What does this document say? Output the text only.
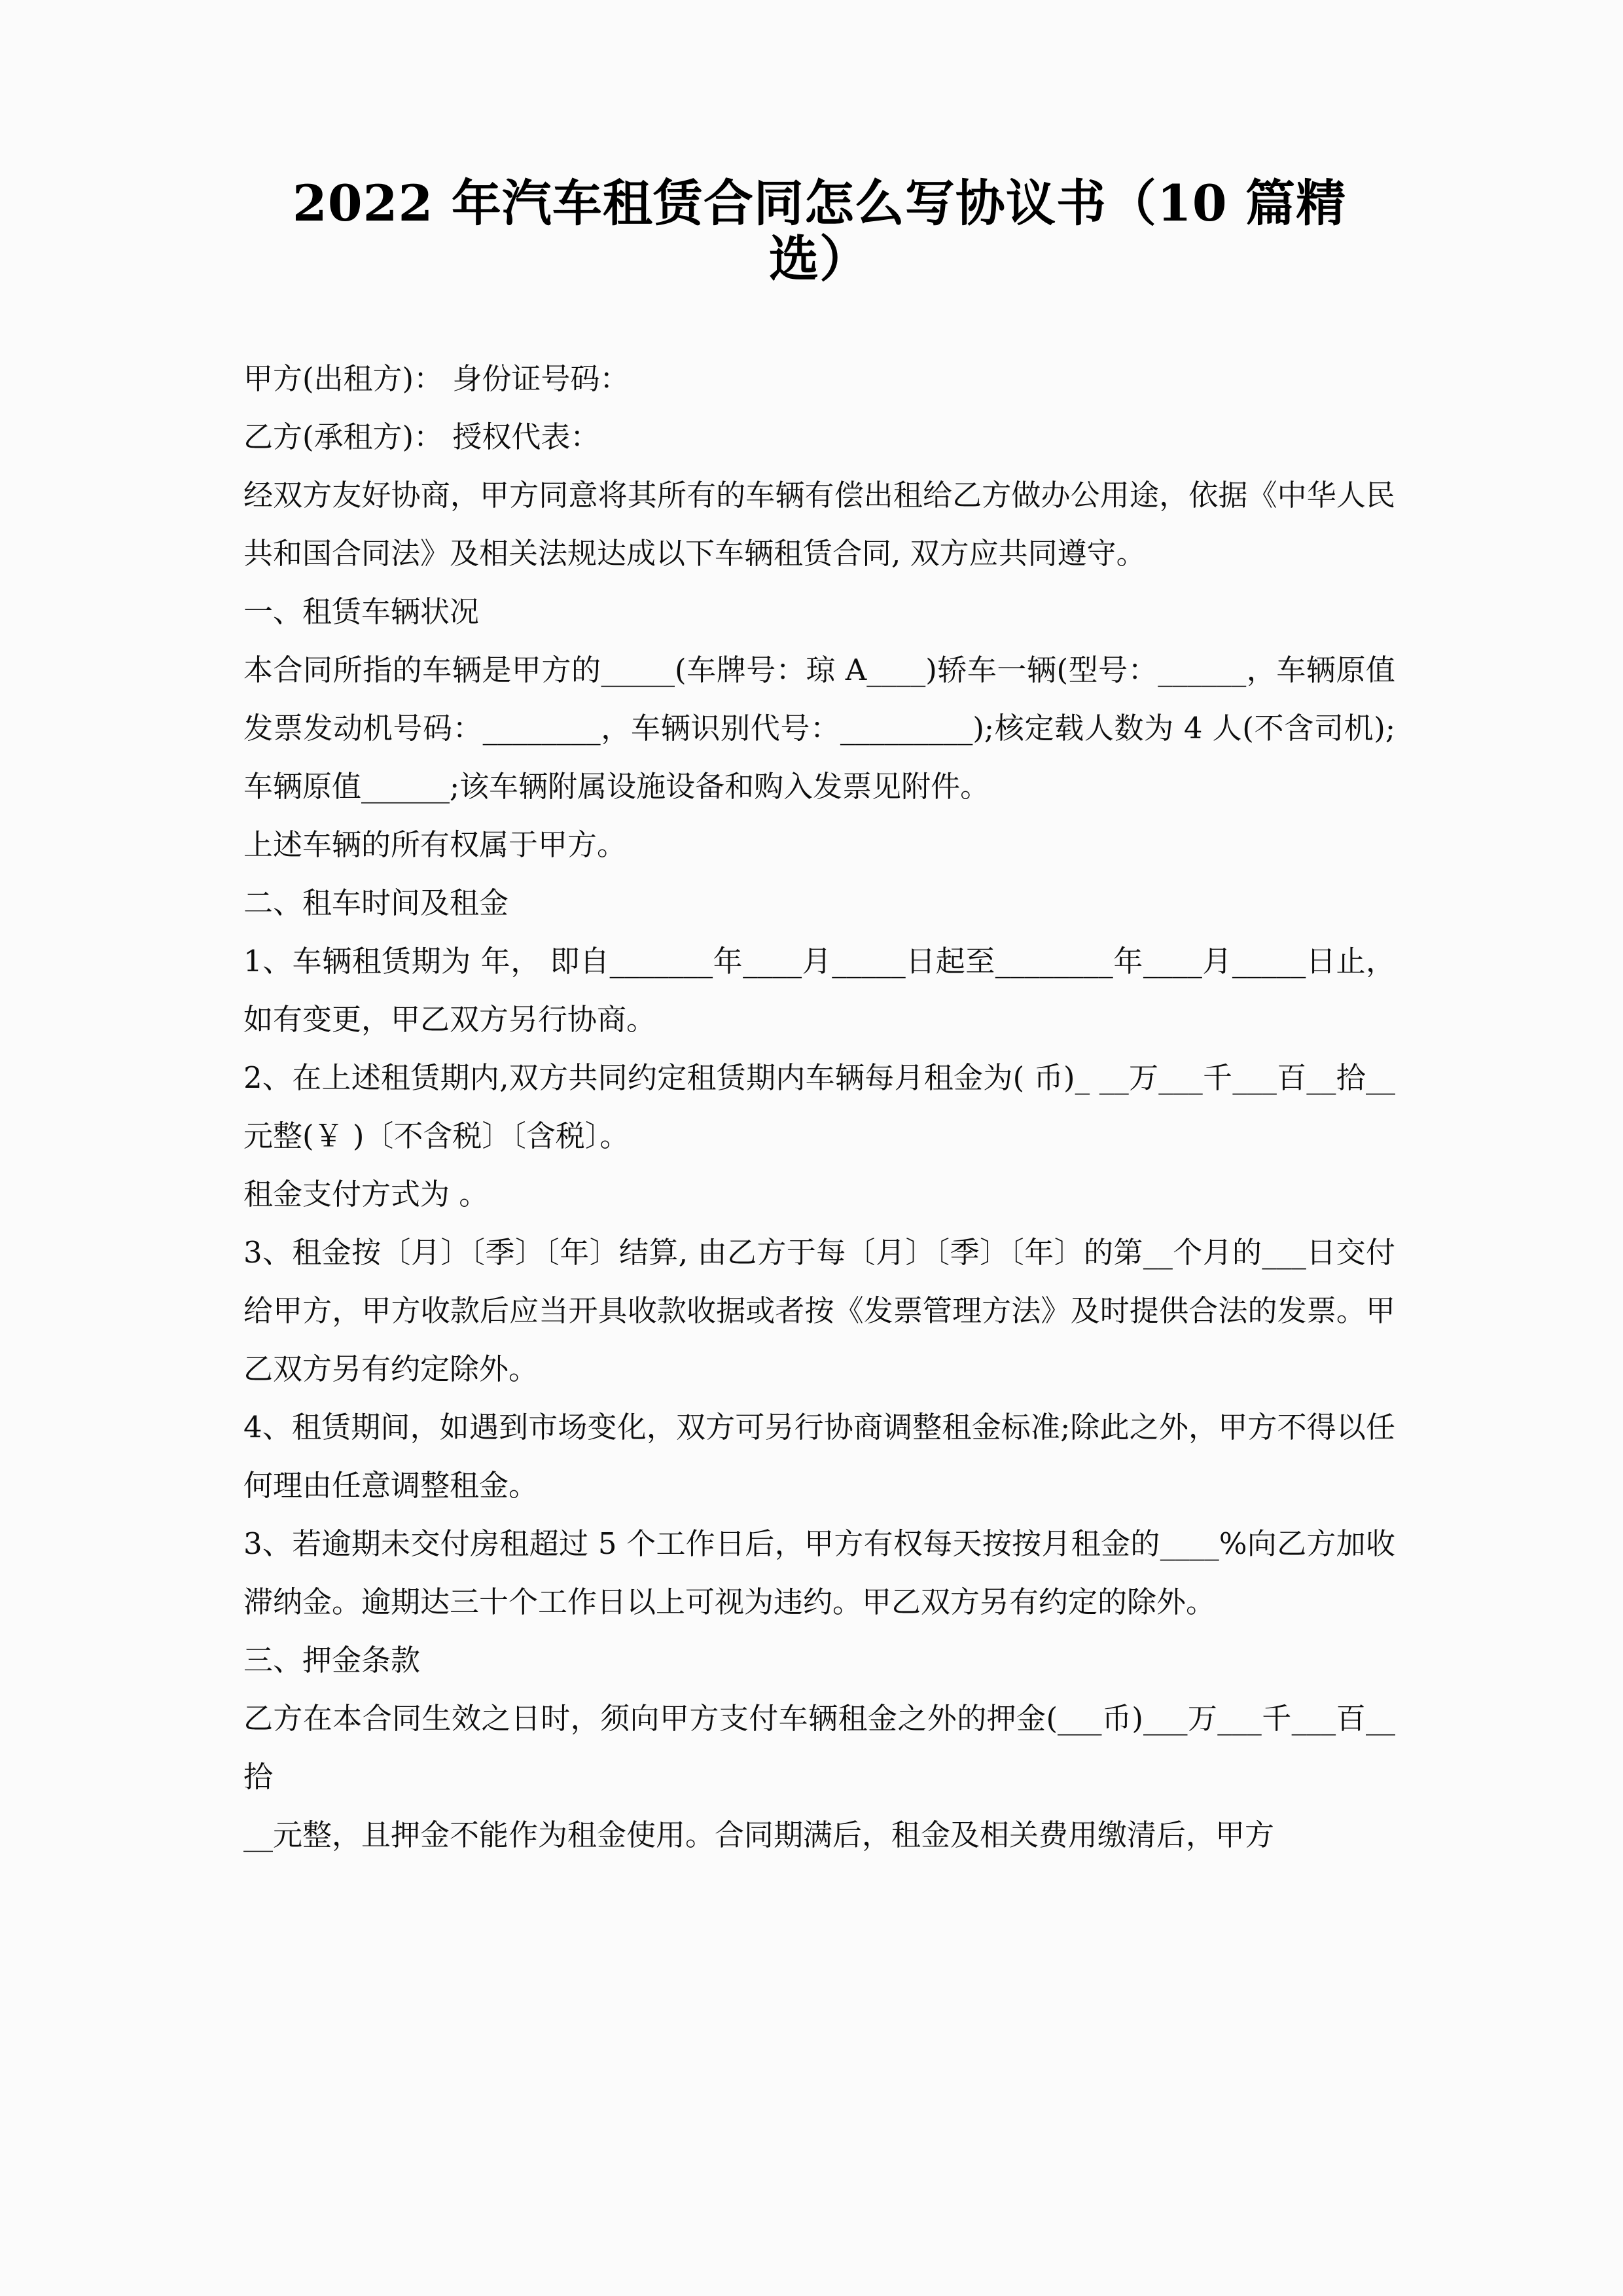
2022 年汽车租赁合同怎么写协议书（10 篇精选）

甲方(出租方)： 身份证号码：

乙方(承租方)： 授权代表：

经双方友好协商，甲方同意将其所有的车辆有偿出租给乙方做办公用途，依据《中华人民共和国合同法》及相关法规达成以下车辆租赁合同, 双方应共同遵守。

一、租赁车辆状况

本合同所指的车辆是甲方的_____(车牌号：琼 A____)轿车一辆(型号：______，车辆原值发票发动机号码：________，车辆识别代号：_________);核定载人数为 4 人(不含司机);车辆原值______;该车辆附属设施设备和购入发票见附件。

上述车辆的所有权属于甲方。

二、租车时间及租金

1、车辆租赁期为 年， 即自_______年____月_____日起至________年____月_____日止，如有变更，甲乙双方另行协商。

2、在上述租赁期内,双方共同约定租赁期内车辆每月租金为( 币)_ __万___千___百__拾__元整(￥ )〔不含税〕〔含税〕。

租金支付方式为 。

3、租金按〔月〕〔季〕〔年〕结算, 由乙方于每〔月〕〔季〕〔年〕的第__个月的___日交付给甲方，甲方收款后应当开具收款收据或者按《发票管理方法》及时提供合法的发票。甲乙双方另有约定除外。

4、租赁期间，如遇到市场变化，双方可另行协商调整租金标准;除此之外，甲方不得以任何理由任意调整租金。

3、若逾期未交付房租超过 5 个工作日后，甲方有权每天按按月租金的____%向乙方加收滞纳金。逾期达三十个工作日以上可视为违约。甲乙双方另有约定的除外。

三、押金条款

乙方在本合同生效之日时，须向甲方支付车辆租金之外的押金(___币)___万___千___百__拾

__元整，且押金不能作为租金使用。合同期满后，租金及相关费用缴清后，甲方
